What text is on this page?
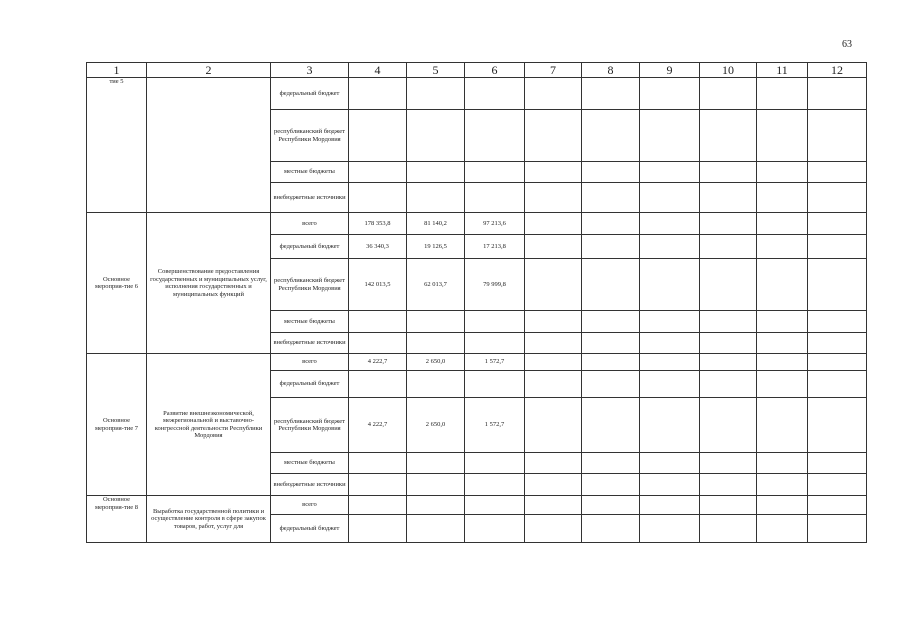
63
1	2	3	4	5	6	7	8	9	10	11	12
тие 5		федеральный бюджет									
		республиканский бюджет Республики Мордовия									
		местные бюджеты									
		внебюджетные источники									
Основное мероприя-тие 6	Совершенствование предоставления государственных и муниципальных услуг, исполнения государственных и муниципальных функций	всего	178 353,8	81 140,2	97 213,6						
		федеральный бюджет	36 340,3	19 126,5	17 213,8						
		республиканский бюджет Республики Мордовия	142 013,5	62 013,7	79 999,8						
		местные бюджеты									
		внебюджетные источники									
Основное мероприя-тие 7	Развитие внешнеэкономической, межрегиональной и выставочно-конгрессной деятельности Республики Мордовия	всего	4 222,7	2 650,0	1 572,7						
		федеральный бюджет									
		республиканский бюджет Республики Мордовия	4 222,7	2 650,0	1 572,7						
		местные бюджеты									
		внебюджетные источники									
Основное мероприя-тие 8	Выработка государственной политики и осуществление контроля в сфере закупок товаров, работ, услуг для	всего									
		федеральный бюджет									
